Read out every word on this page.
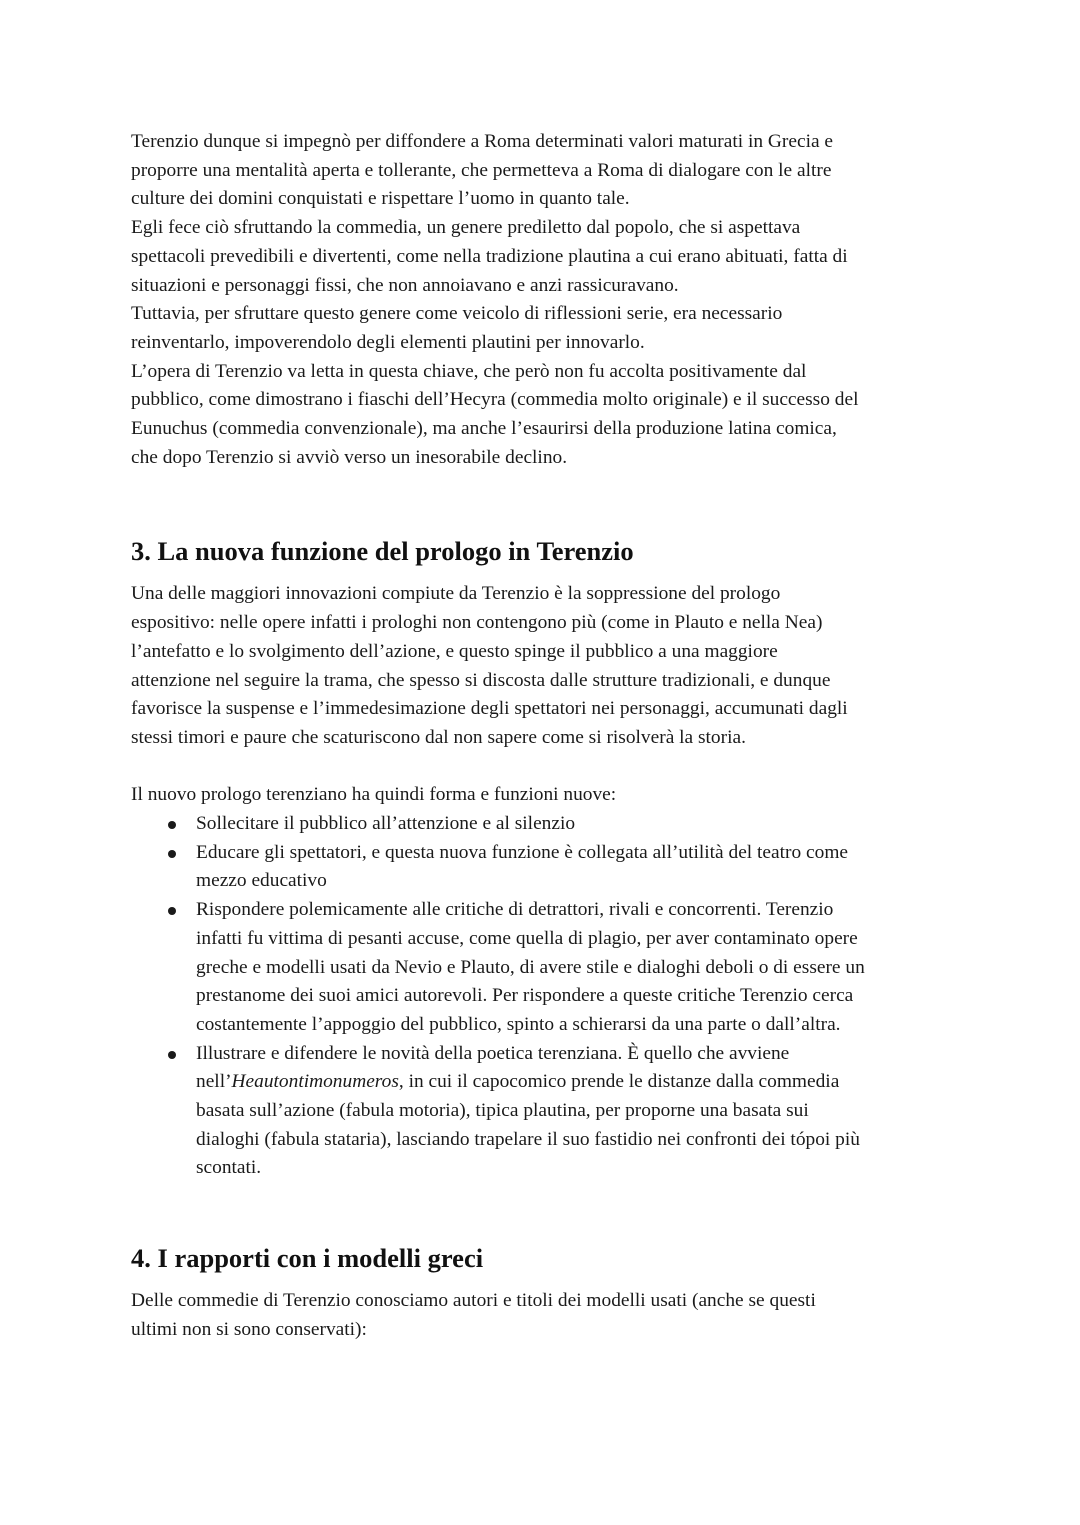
Terenzio dunque si impegnò per diffondere a Roma determinati valori maturati in Grecia e
proporre una mentalità aperta e tollerante, che permetteva a Roma di dialogare con le altre
culture dei domini conquistati e rispettare l’uomo in quanto tale.
Egli fece ciò sfruttando la commedia, un genere prediletto dal popolo, che si aspettava
spettacoli prevedibili e divertenti, come nella tradizione plautina a cui erano abituati, fatta di
situazioni e personaggi fissi, che non annoiavano e anzi rassicuravano.
Tuttavia, per sfruttare questo genere come veicolo di riflessioni serie, era necessario
reinventarlo, impoverendolo degli elementi plautini per innovarlo.
L’opera di Terenzio va letta in questa chiave, che però non fu accolta positivamente dal
pubblico, come dimostrano i fiaschi dell’Hecyra (commedia molto originale) e il successo del
Eunuchus (commedia convenzionale), ma anche l’esaurirsi della produzione latina comica,
che dopo Terenzio si avviò verso un inesorabile declino.

3. La nuova funzione del prologo in Terenzio

Una delle maggiori innovazioni compiute da Terenzio è la soppressione del prologo
espositivo: nelle opere infatti i prologhi non contengono più (come in Plauto e nella Nea)
l’antefatto e lo svolgimento dell’azione, e questo spinge il pubblico a una maggiore
attenzione nel seguire la trama, che spesso si discosta dalle strutture tradizionali, e dunque
favorisce la suspense e l’immedesimazione degli spettatori nei personaggi, accumunati dagli
stessi timori e paure che scaturiscono dal non sapere come si risolverà la storia.

Il nuovo prologo terenziano ha quindi forma e funzioni nuove:

Sollecitare il pubblico all’attenzione e al silenzio
Educare gli spettatori, e questa nuova funzione è collegata all’utilità del teatro come
mezzo educativo
Rispondere polemicamente alle critiche di detrattori, rivali e concorrenti. Terenzio
infatti fu vittima di pesanti accuse, come quella di plagio, per aver contaminato opere
greche e modelli usati da Nevio e Plauto, di avere stile e dialoghi deboli o di essere un
prestanome dei suoi amici autorevoli. Per rispondere a queste critiche Terenzio cerca
costantemente l’appoggio del pubblico, spinto a schierarsi da una parte o dall’altra.
Illustrare e difendere le novità della poetica terenziana. È quello che avviene
nell’Heautontimonumeros, in cui il capocomico prende le distanze dalla commedia
basata sull’azione (fabula motoria), tipica plautina, per proporne una basata sui
dialoghi (fabula stataria), lasciando trapelare il suo fastidio nei confronti dei tópoi più
scontati.
4. I rapporti con i modelli greci

Delle commedie di Terenzio conosciamo autori e titoli dei modelli usati (anche se questi
ultimi non si sono conservati):
